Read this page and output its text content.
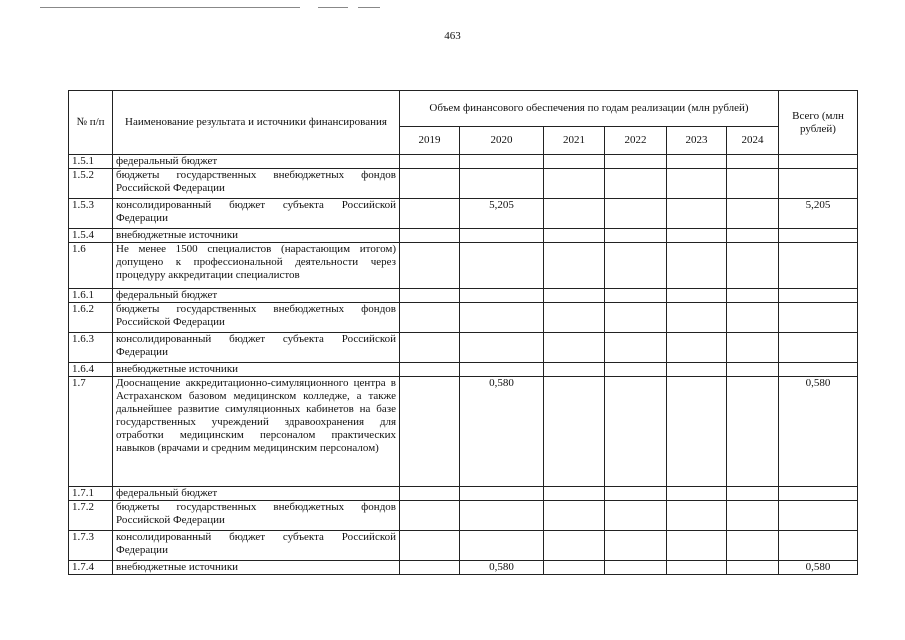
463
№ п/п	Наименование результата и источники финансирования	Объем финансового обеспечения по годам реализации (млн рублей)						Всего (млн рублей)
		2019	2020	2021	2022	2023	2024	
1.5.1	федеральный бюджет							
1.5.2	бюджеты государственных внебюджетных фондов Российской Федерации							
1.5.3	консолидированный бюджет субъекта Российской Федерации		5,205					5,205
1.5.4	внебюджетные источники							
1.6	Не менее 1500 специалистов (нарастающим итогом) допущено к профессиональной деятельности через процедуру аккредитации специалистов							
1.6.1	федеральный бюджет							
1.6.2	бюджеты государственных внебюджетных фондов Российской Федерации							
1.6.3	консолидированный бюджет субъекта Российской Федерации							
1.6.4	внебюджетные источники							
1.7	Дооснащение аккредитационно-симуляционного центра в Астраханском базовом медицинском колледже, а также дальнейшее развитие симуляционных кабинетов на базе государственных учреждений здравоохранения для отработки медицинским персоналом практических навыков (врачами и средним медицинским персоналом)		0,580					0,580
1.7.1	федеральный бюджет							
1.7.2	бюджеты государственных внебюджетных фондов Российской Федерации							
1.7.3	консолидированный бюджет субъекта Российской Федерации							
1.7.4	внебюджетные источники		0,580					0,580
